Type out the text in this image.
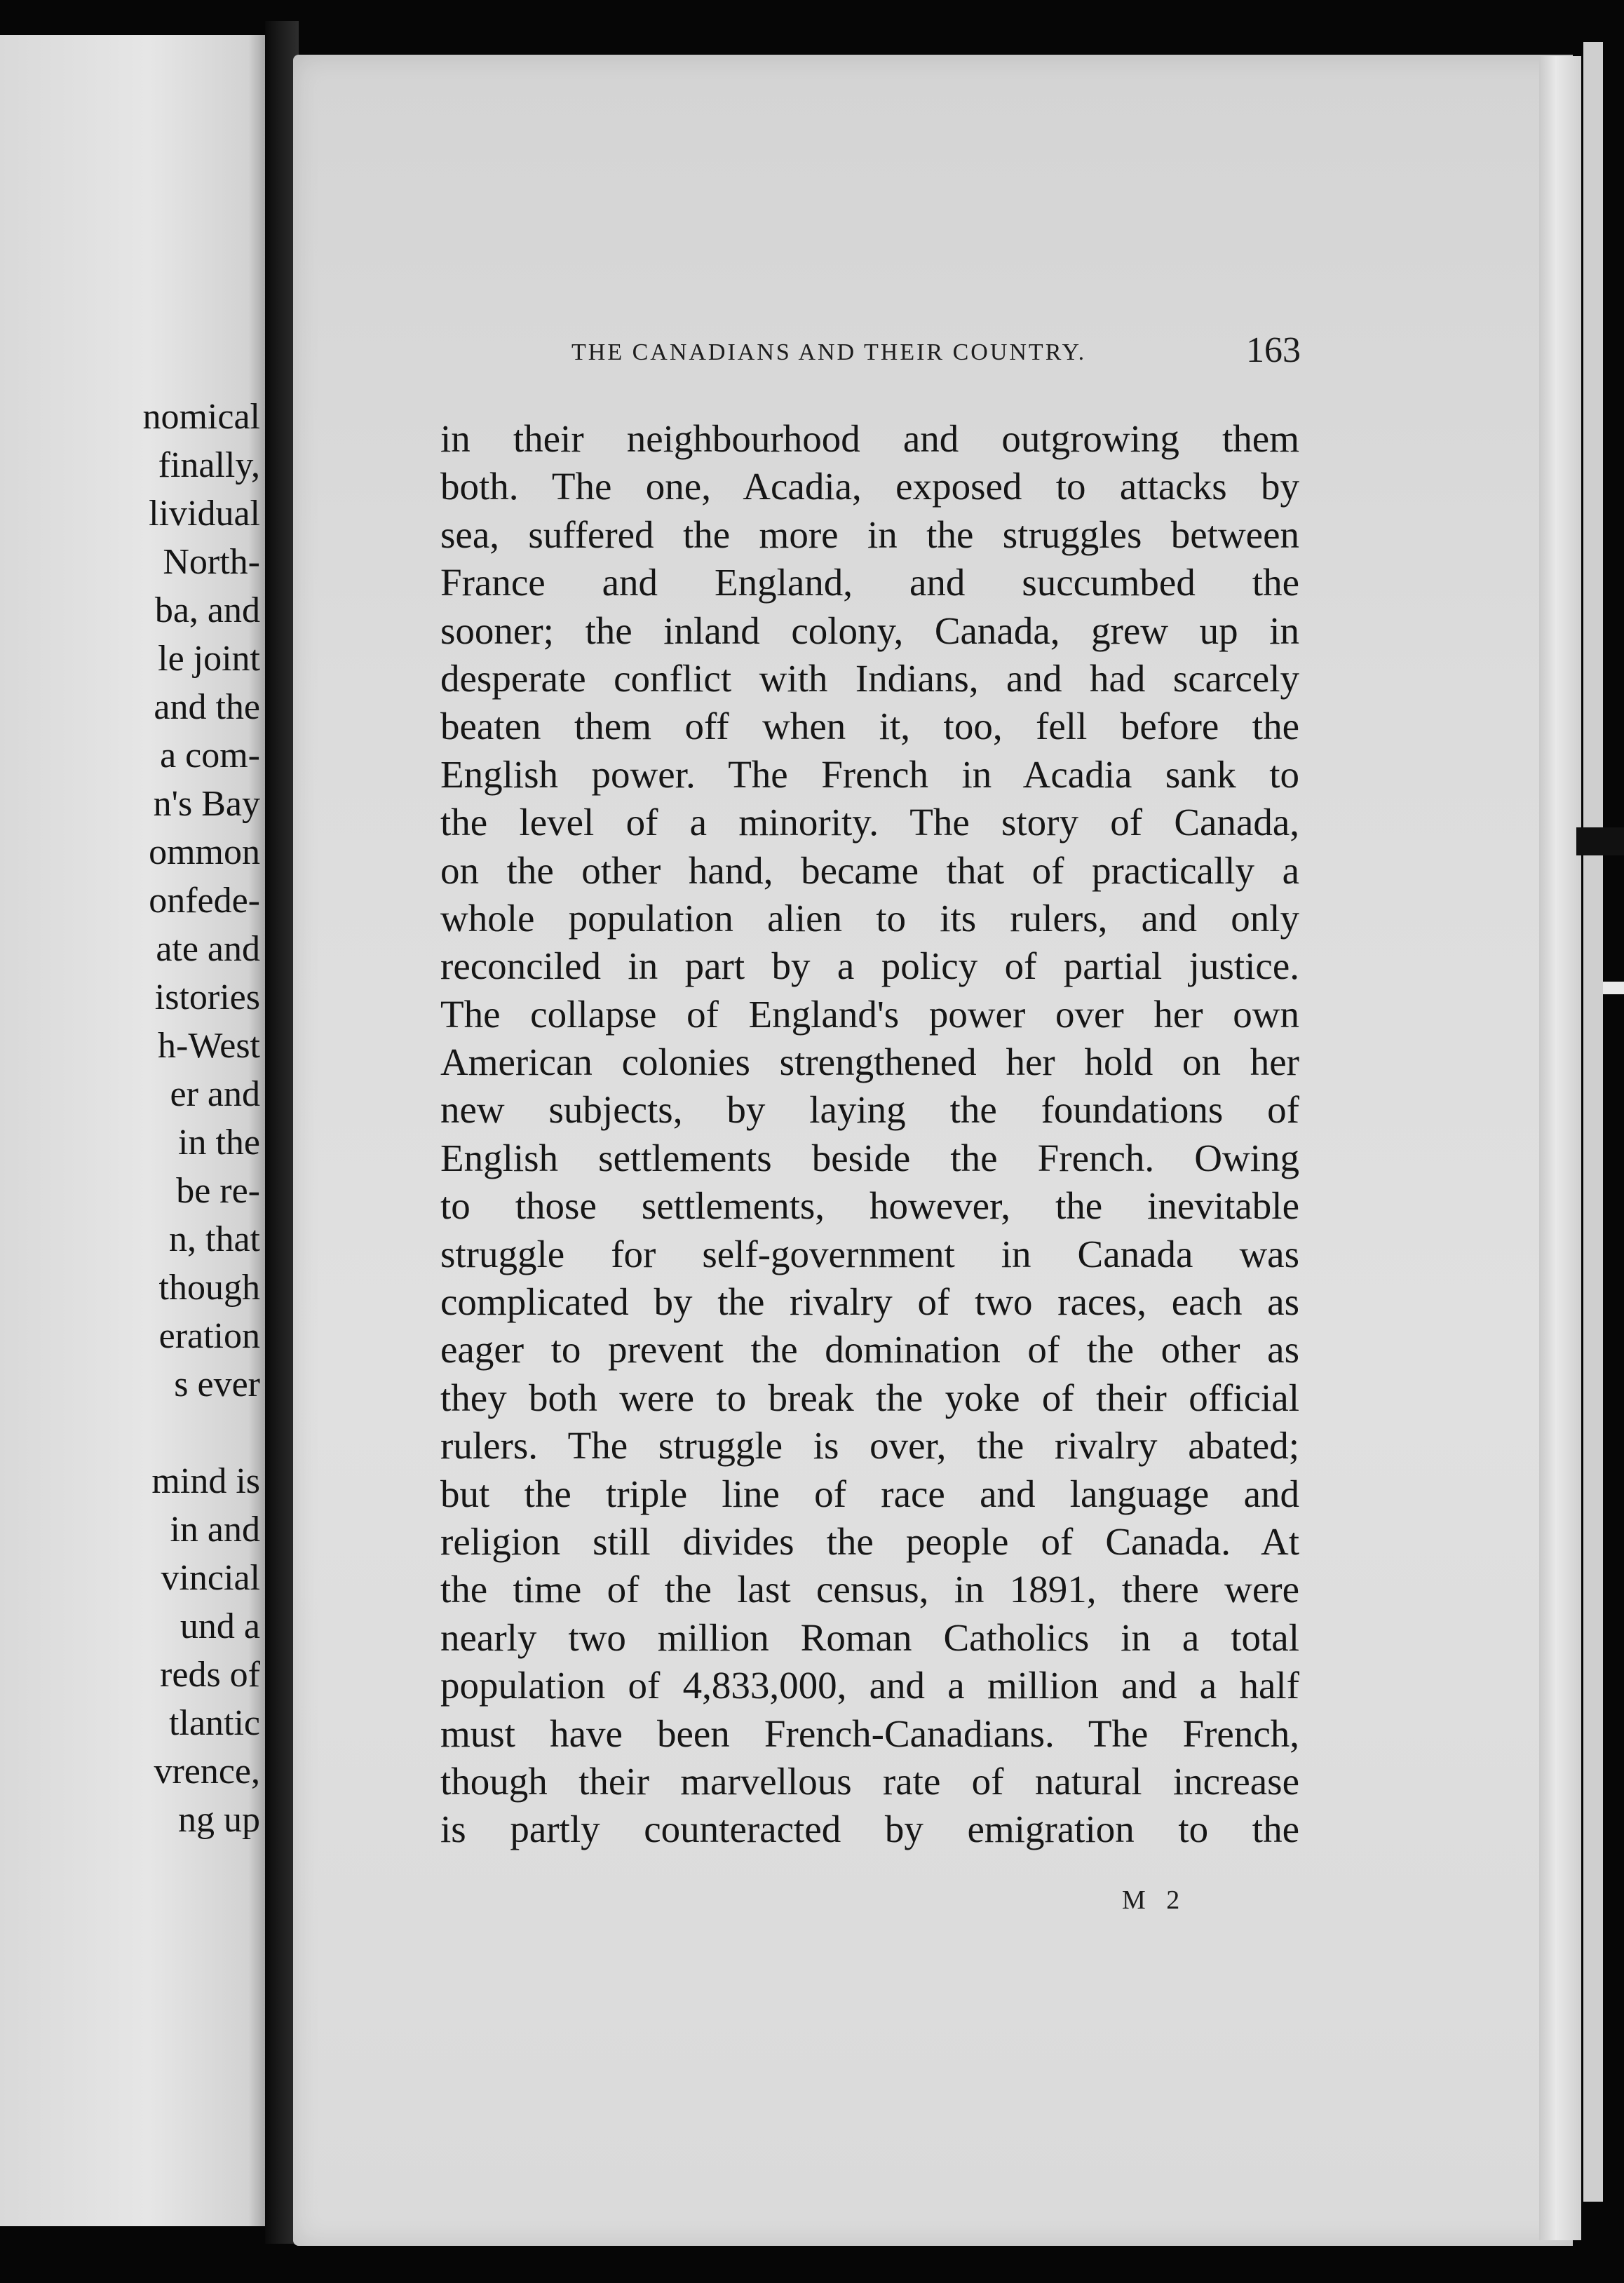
nomical
finally,
lividual
North-
ba, and
le joint
and the
a com-
n's Bay
ommon
onfede-
ate and
istories
h-West
er and
in the
be re-
n, that
though
eration
s ever
mind is
in and
vincial
und a
reds of
tlantic
vrence,
ng up
THE CANADIANS AND THEIR COUNTRY.	163
in their neighbourhood and outgrowing them
both. The one, Acadia, exposed to attacks by
sea, suffered the more in the struggles between
France and England, and succumbed the
sooner; the inland colony, Canada, grew up in
desperate conflict with Indians, and had scarcely
beaten them off when it, too, fell before the
English power. The French in Acadia sank to
the level of a minority. The story of Canada,
on the other hand, became that of practically a
whole population alien to its rulers, and only
reconciled in part by a policy of partial justice.
The collapse of England's power over her own
American colonies strengthened her hold on her
new subjects, by laying the foundations of
English settlements beside the French. Owing
to those settlements, however, the inevitable
struggle for self-government in Canada was
complicated by the rivalry of two races, each as
eager to prevent the domination of the other as
they both were to break the yoke of their official
rulers. The struggle is over, the rivalry abated;
but the triple line of race and language and
religion still divides the people of Canada. At
the time of the last census, in 1891, there were
nearly two million Roman Catholics in a total
population of 4,833,000, and a million and a half
must have been French-Canadians. The French,
though their marvellous rate of natural increase
is partly counteracted by emigration to the
M 2
